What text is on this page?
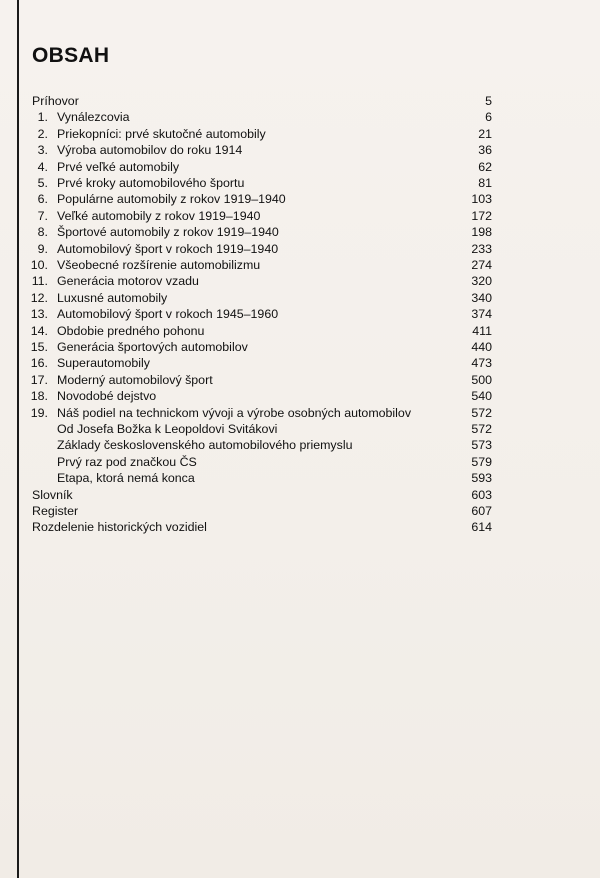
OBSAH
Príhovor	5
1. Vynálezcovia	6
2. Priekopníci: prvé skutočné automobily	21
3. Výroba automobilov do roku 1914	36
4. Prvé veľké automobily	62
5. Prvé kroky automobilového športu	81
6. Populárne automobily z rokov 1919–1940	103
7. Veľké automobily z rokov 1919–1940	172
8. Športové automobily z rokov 1919–1940	198
9. Automobilový šport v rokoch 1919–1940	233
10. Všeobecné rozšírenie automobilizmu	274
11. Generácia motorov vzadu	320
12. Luxusné automobily	340
13. Automobilový šport v rokoch 1945–1960	374
14. Obdobie predného pohonu	411
15. Generácia športových automobilov	440
16. Superautomobily	473
17. Moderný automobilový šport	500
18. Novodobé dejstvo	540
19. Náš podiel na technickom vývoji a výrobe osobných automobilov	572
Od Josefa Božka k Leopoldovi Svitákovi	572
Základy československého automobilového priemyslu	573
Prvý raz pod značkou ČS	579
Etapa, ktorá nemá konca	593
Slovník	603
Register	607
Rozdelenie historických vozidiel	614
